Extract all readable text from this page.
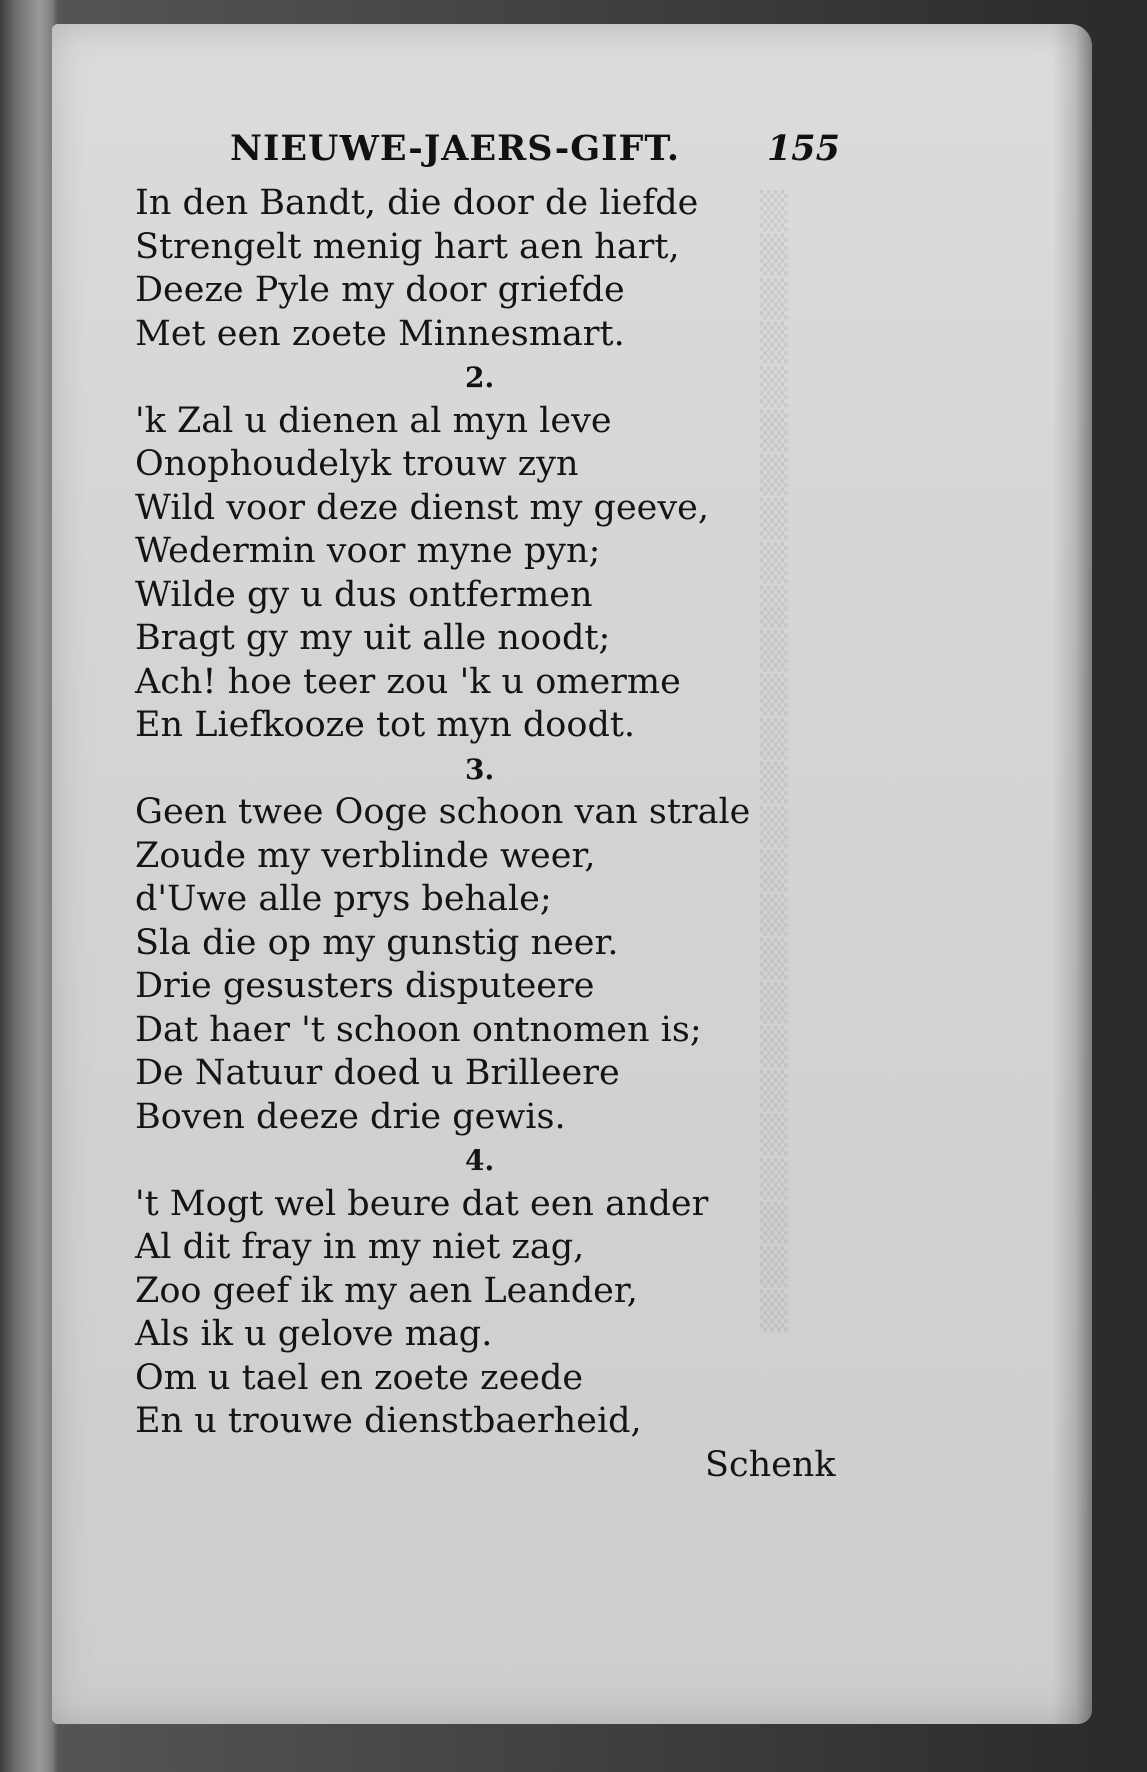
▒
▒
▒
▒
▒
▒
▒
▒
▒
▒
▒
▒
▒
▒
▒
▒
▒
▒
▒
▒
▒
▒
▒
▒
▒
▒
NIEUWE-JAERS-GIFT. 155
In den Bandt, die door de liefde
Strengelt menig hart aen hart,
Deeze Pyle my door griefde
Met een zoete Minnesmart.
2.
'k Zal u dienen al myn leve
Onophoudelyk trouw zyn
Wild voor deze dienst my geeve,
Wedermin voor myne pyn;
Wilde gy u dus ontfermen
Bragt gy my uit alle noodt;
Ach! hoe teer zou 'k u omerme
En Liefkooze tot myn doodt.
3.
Geen twee Ooge schoon van strale
Zoude my verblinde weer,
d'Uwe alle prys behale;
Sla die op my gunstig neer.
Drie gesusters disputeere
Dat haer 't schoon ontnomen is;
De Natuur doed u Brilleere
Boven deeze drie gewis.
4.
't Mogt wel beure dat een ander
Al dit fray in my niet zag,
Zoo geef ik my aen Leander,
Als ik u gelove mag.
Om u tael en zoete zeede
En u trouwe dienstbaerheid,
Schenk
